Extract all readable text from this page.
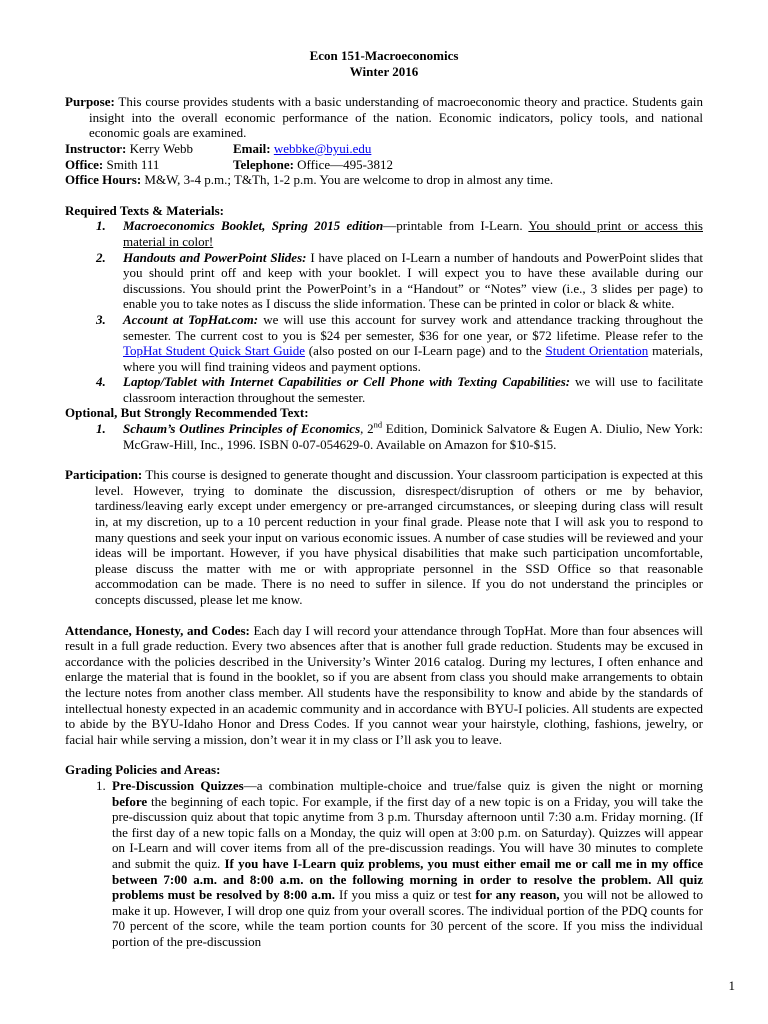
Econ 151-Macroeconomics
Winter 2016
Purpose: This course provides students with a basic understanding of macroeconomic theory and practice. Students gain insight into the overall economic performance of the nation. Economic indicators, policy tools, and national economic goals are examined.
Instructor: Kerry Webb	Email: webbke@byui.edu
Office: Smith 111	Telephone: Office—495-3812
Office Hours: M&W, 3-4 p.m.; T&Th, 1-2 p.m. You are welcome to drop in almost any time.
Required Texts & Materials:
1.	Macroeconomics Booklet, Spring 2015 edition—printable from I-Learn. You should print or access this material in color!
2.	Handouts and PowerPoint Slides: I have placed on I-Learn a number of handouts and PowerPoint slides that you should print off and keep with your booklet. I will expect you to have these available during our discussions. You should print the PowerPoint’s in a “Handout” or “Notes” view (i.e., 3 slides per page) to enable you to take notes as I discuss the slide information. These can be printed in color or black & white.
3.	Account at TopHat.com: we will use this account for survey work and attendance tracking throughout the semester. The current cost to you is $24 per semester, $36 for one year, or $72 lifetime. Please refer to the TopHat Student Quick Start Guide (also posted on our I-Learn page) and to the Student Orientation materials, where you will find training videos and payment options.
4.	Laptop/Tablet with Internet Capabilities or Cell Phone with Texting Capabilities: we will use to facilitate classroom interaction throughout the semester.
Optional, But Strongly Recommended Text:
1.	Schaum’s Outlines Principles of Economics, 2nd Edition, Dominick Salvatore & Eugen A. Diulio, New York: McGraw-Hill, Inc., 1996. ISBN 0-07-054629-0. Available on Amazon for $10-$15.
Participation: This course is designed to generate thought and discussion. Your classroom participation is expected at this level. However, trying to dominate the discussion, disrespect/disruption of others or me by behavior, tardiness/leaving early except under emergency or pre-arranged circumstances, or sleeping during class will result in, at my discretion, up to a 10 percent reduction in your final grade. Please note that I will ask you to respond to many questions and seek your input on various economic issues. A number of case studies will be reviewed and your ideas will be important. However, if you have physical disabilities that make such participation uncomfortable, please discuss the matter with me or with appropriate personnel in the SSD Office so that reasonable accommodation can be made. There is no need to suffer in silence. If you do not understand the principles or concepts discussed, please let me know.
Attendance, Honesty, and Codes: Each day I will record your attendance through TopHat. More than four absences will result in a full grade reduction. Every two absences after that is another full grade reduction. Students may be excused in accordance with the policies described in the University’s Winter 2016 catalog. During my lectures, I often enhance and enlarge the material that is found in the booklet, so if you are absent from class you should make arrangements to obtain the lecture notes from another class member. All students have the responsibility to know and abide by the standards of intellectual honesty expected in an academic community and in accordance with BYU-I policies. All students are expected to abide by the BYU-Idaho Honor and Dress Codes. If you cannot wear your hairstyle, clothing, fashions, jewelry, or facial hair while serving a mission, don’t wear it in my class or I’ll ask you to leave.
Grading Policies and Areas:
1. Pre-Discussion Quizzes—a combination multiple-choice and true/false quiz is given the night or morning before the beginning of each topic. For example, if the first day of a new topic is on a Friday, you will take the pre-discussion quiz about that topic anytime from 3 p.m. Thursday afternoon until 7:30 a.m. Friday morning. (If the first day of a new topic falls on a Monday, the quiz will open at 3:00 p.m. on Saturday). Quizzes will appear on I-Learn and will cover items from all of the pre-discussion readings. You will have 30 minutes to complete and submit the quiz. If you have I-Learn quiz problems, you must either email me or call me in my office between 7:00 a.m. and 8:00 a.m. on the following morning in order to resolve the problem. All quiz problems must be resolved by 8:00 a.m. If you miss a quiz or test for any reason, you will not be allowed to make it up. However, I will drop one quiz from your overall scores. The individual portion of the PDQ counts for 70 percent of the score, while the team portion counts for 30 percent of the score. If you miss the individual portion of the pre-discussion
1
